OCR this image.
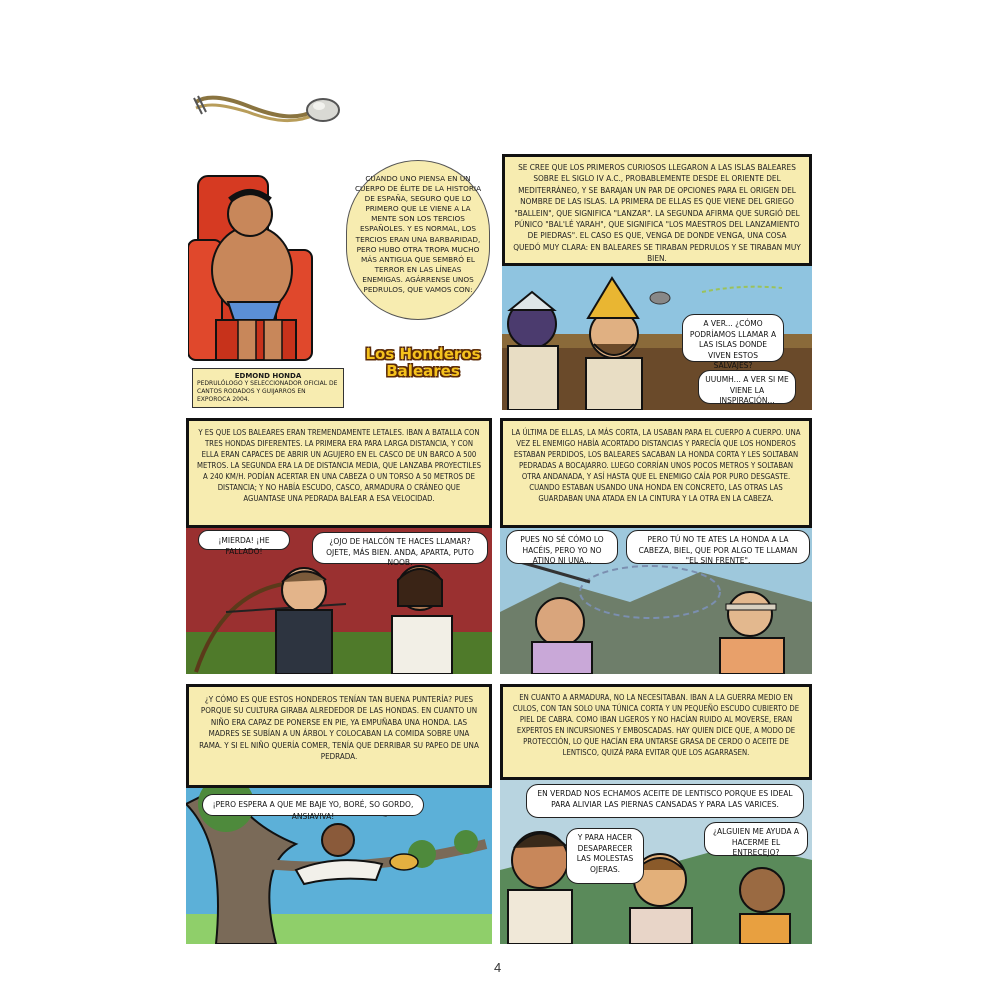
CUANDO UNO PIENSA EN UN CUERPO DE ÉLITE DE LA HISTORIA DE ESPAÑA, SEGURO QUE LO PRIMERO QUE LE VIENE A LA MENTE SON LOS TERCIOS ESPAÑOLES. Y ES NORMAL, LOS TERCIOS ERAN UNA BARBARIDAD, PERO HUBO OTRA TROPA MUCHO MÁS ANTIGUA QUE SEMBRÓ EL TERROR EN LAS LÍNEAS ENEMIGAS. AGÁRRENSE UNOS PEDRULOS, QUE VAMOS CON:
Los Honderos
Baleares
EDMOND HONDA
PEDRULÓLOGO Y SELECCIONADOR OFICIAL DE CANTOS RODADOS Y GUIJARROS EN EXPOROCA 2004.
SE CREE QUE LOS PRIMEROS CURIOSOS LLEGARON A LAS ISLAS BALEARES SOBRE EL SIGLO IV A.C., PROBABLEMENTE DESDE EL ORIENTE DEL MEDITERRÁNEO, Y SE BARAJAN UN PAR DE OPCIONES PARA EL ORIGEN DEL NOMBRE DE LAS ISLAS. LA PRIMERA DE ELLAS ES QUE VIENE DEL GRIEGO "BALLEIN", QUE SIGNIFICA "LANZAR". LA SEGUNDA AFIRMA QUE SURGIÓ DEL PÚNICO "BAL'LÉ YARAH", QUE SIGNIFICA "LOS MAESTROS DEL LANZAMIENTO DE PIEDRAS". EL CASO ES QUE, VENGA DE DONDE VENGA, UNA COSA QUEDÓ MUY CLARA: EN BALEARES SE TIRABAN PEDRULOS Y SE TIRABAN MUY BIEN.
A VER... ¿CÓMO PODRÍAMOS LLAMAR A LAS ISLAS DONDE VIVEN ESTOS SALVAJES?
UUUMH... A VER SI ME VIENE LA INSPIRACIÓN...
Y ES QUE LOS BALEARES ERAN TREMENDAMENTE LETALES. IBAN A BATALLA CON TRES HONDAS DIFERENTES. LA PRIMERA ERA PARA LARGA DISTANCIA, Y CON ELLA ERAN CAPACES DE ABRIR UN AGUJERO EN EL CASCO DE UN BARCO A 500 METROS. LA SEGUNDA ERA LA DE DISTANCIA MEDIA, QUE LANZABA PROYECTILES A 240 KM/H. PODÍAN ACERTAR EN UNA CABEZA O UN TORSO A 50 METROS DE DISTANCIA; Y NO HABÍA ESCUDO, CASCO, ARMADURA O CRÁNEO QUE AGUANTASE UNA PEDRADA BALEAR A ESA VELOCIDAD.
¡MIERDA! ¡HE FALLADO!
¿OJO DE HALCÓN TE HACES LLAMAR? OJETE, MÁS BIEN. ANDA, APARTA, PUTO NOOB.
LA ÚLTIMA DE ELLAS, LA MÁS CORTA, LA USABAN PARA EL CUERPO A CUERPO. UNA VEZ EL ENEMIGO HABÍA ACORTADO DISTANCIAS Y PARECÍA QUE LOS HONDEROS ESTABAN PERDIDOS, LOS BALEARES SACABAN LA HONDA CORTA Y LES SOLTABAN PEDRADAS A BOCAJARRO. LUEGO CORRÍAN UNOS POCOS METROS Y SOLTABAN OTRA ANDANADA, Y ASÍ HASTA QUE EL ENEMIGO CAÍA POR PURO DESGASTE. CUANDO ESTABAN USANDO UNA HONDA EN CONCRETO, LAS OTRAS LAS GUARDABAN UNA ATADA EN LA CINTURA Y LA OTRA EN LA CABEZA.
PUES NO SÉ CÓMO LO HACÉIS, PERO YO NO ATINO NI UNA...
PERO TÚ NO TE ATES LA HONDA A LA CABEZA, BIEL, QUE POR ALGO TE LLAMAN "EL SIN FRENTE".
¿Y CÓMO ES QUE ESTOS HONDEROS TENÍAN TAN BUENA PUNTERÍA? PUES PORQUE SU CULTURA GIRABA ALREDEDOR DE LAS HONDAS. EN CUANTO UN NIÑO ERA CAPAZ DE PONERSE EN PIE, YA EMPUÑABA UNA HONDA. LAS MADRES SE SUBÍAN A UN ÁRBOL Y COLOCABAN LA COMIDA SOBRE UNA RAMA. Y SI EL NIÑO QUERÍA COMER, TENÍA QUE DERRIBAR SU PAPEO DE UNA PEDRADA.
¡PERO ESPERA A QUE ME BAJE YO, BORÉ, SO GORDO, ANSIAVIVA!
EN CUANTO A ARMADURA, NO LA NECESITABAN. IBAN A LA GUERRA MEDIO EN CULOS, CON TAN SOLO UNA TÚNICA CORTA Y UN PEQUEÑO ESCUDO CUBIERTO DE PIEL DE CABRA. COMO IBAN LIGEROS Y NO HACÍAN RUIDO AL MOVERSE, ERAN EXPERTOS EN INCURSIONES Y EMBOSCADAS. HAY QUIEN DICE QUE, A MODO DE PROTECCIÓN, LO QUE HACÍAN ERA UNTARSE GRASA DE CERDO O ACEITE DE LENTISCO, QUIZÁ PARA EVITAR QUE LOS AGARRASEN.
EN VERDAD NOS ECHAMOS ACEITE DE LENTISCO PORQUE ES IDEAL PARA ALIVIAR LAS PIERNAS CANSADAS Y PARA LAS VARICES.
Y PARA HACER DESAPARECER LAS MOLESTAS OJERAS.
¿ALGUIEN ME AYUDA A HACERME EL ENTRECEJO?
4
